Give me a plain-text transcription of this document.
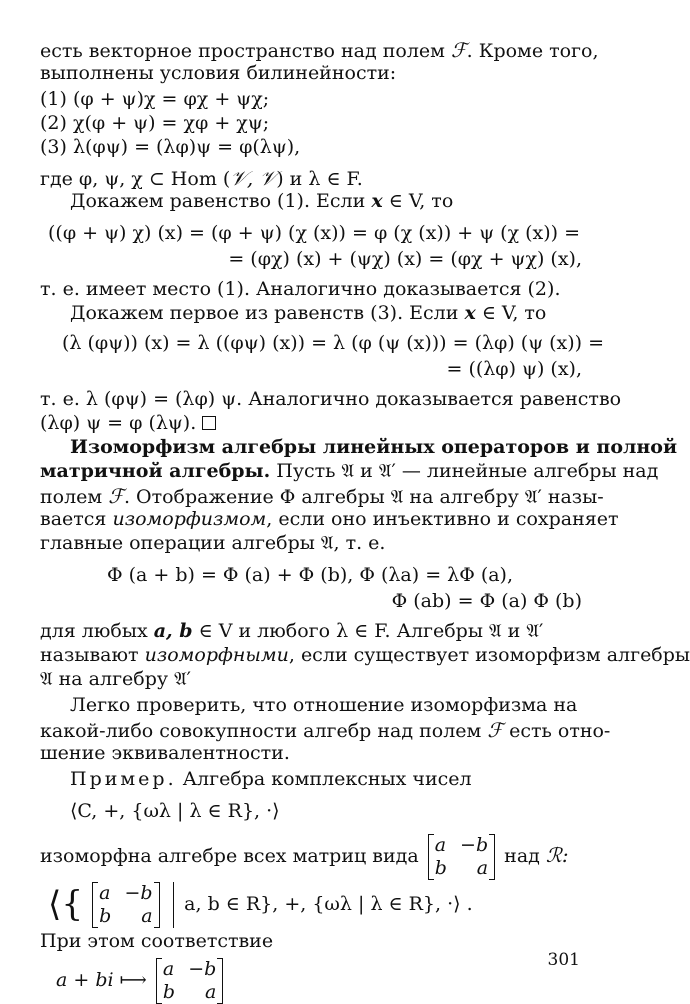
есть векторное пространство над полем ℱ. Кроме того,
выполнены условия билинейности:
(1) (φ + ψ)χ = φχ + ψχ;
(2) χ(φ + ψ) = χφ + χψ;
(3) λ(φψ) = (λφ)ψ = φ(λψ),
где φ, ψ, χ ⊂ Hom (𝒱, 𝒱) и λ ∈ F.
Докажем равенство (1). Если x ∈ V, то
((φ + ψ) χ) (x) = (φ + ψ) (χ (x)) = φ (χ (x)) + ψ (χ (x)) =
= (φχ) (x) + (ψχ) (x) = (φχ + ψχ) (x),
т. е. имеет место (1). Аналогично доказывается (2).
Докажем первое из равенств (3). Если x ∈ V, то
(λ (φψ)) (x) = λ ((φψ) (x)) = λ (φ (ψ (x))) = (λφ) (ψ (x)) =
= ((λφ) ψ) (x),
т. е. λ (φψ) = (λφ) ψ. Аналогично доказывается равенство
(λφ) ψ = φ (λψ).
Изоморфизм алгебры линейных операторов и полной
матричной алгебры. Пусть 𝔄 и 𝔄′ — линейные алгебры над
полем ℱ. Отображение Φ алгебры 𝔄 на алгебру 𝔄′ назы-
вается изоморфизмом, если оно инъективно и сохраняет
главные операции алгебры 𝔄, т. е.
Φ (a + b) = Φ (a) + Φ (b), Φ (λa) = λΦ (a),
Φ (ab) = Φ (a) Φ (b)
для любых a, b ∈ V и любого λ ∈ F. Алгебры 𝔄 и 𝔄′
называют изоморфными, если существует изоморфизм алгебры
𝔄 на алгебру 𝔄′
Легко проверить, что отношение изоморфизма на
какой-либо совокупности алгебр над полем ℱ есть отно-
шение эквивалентности.
Пример. Алгебра комплексных чисел
⟨C, +, {ωλ | λ ∈ R}, ·⟩
изоморфна алгебре всех матриц вида a −b
b a
над ℛ:
⟨{ a −b
b a
a, b ∈ R}, +, {ωλ | λ ∈ R}, ·⟩ .
При этом соответствие
a + bi ⟼ a −b
b a
301
